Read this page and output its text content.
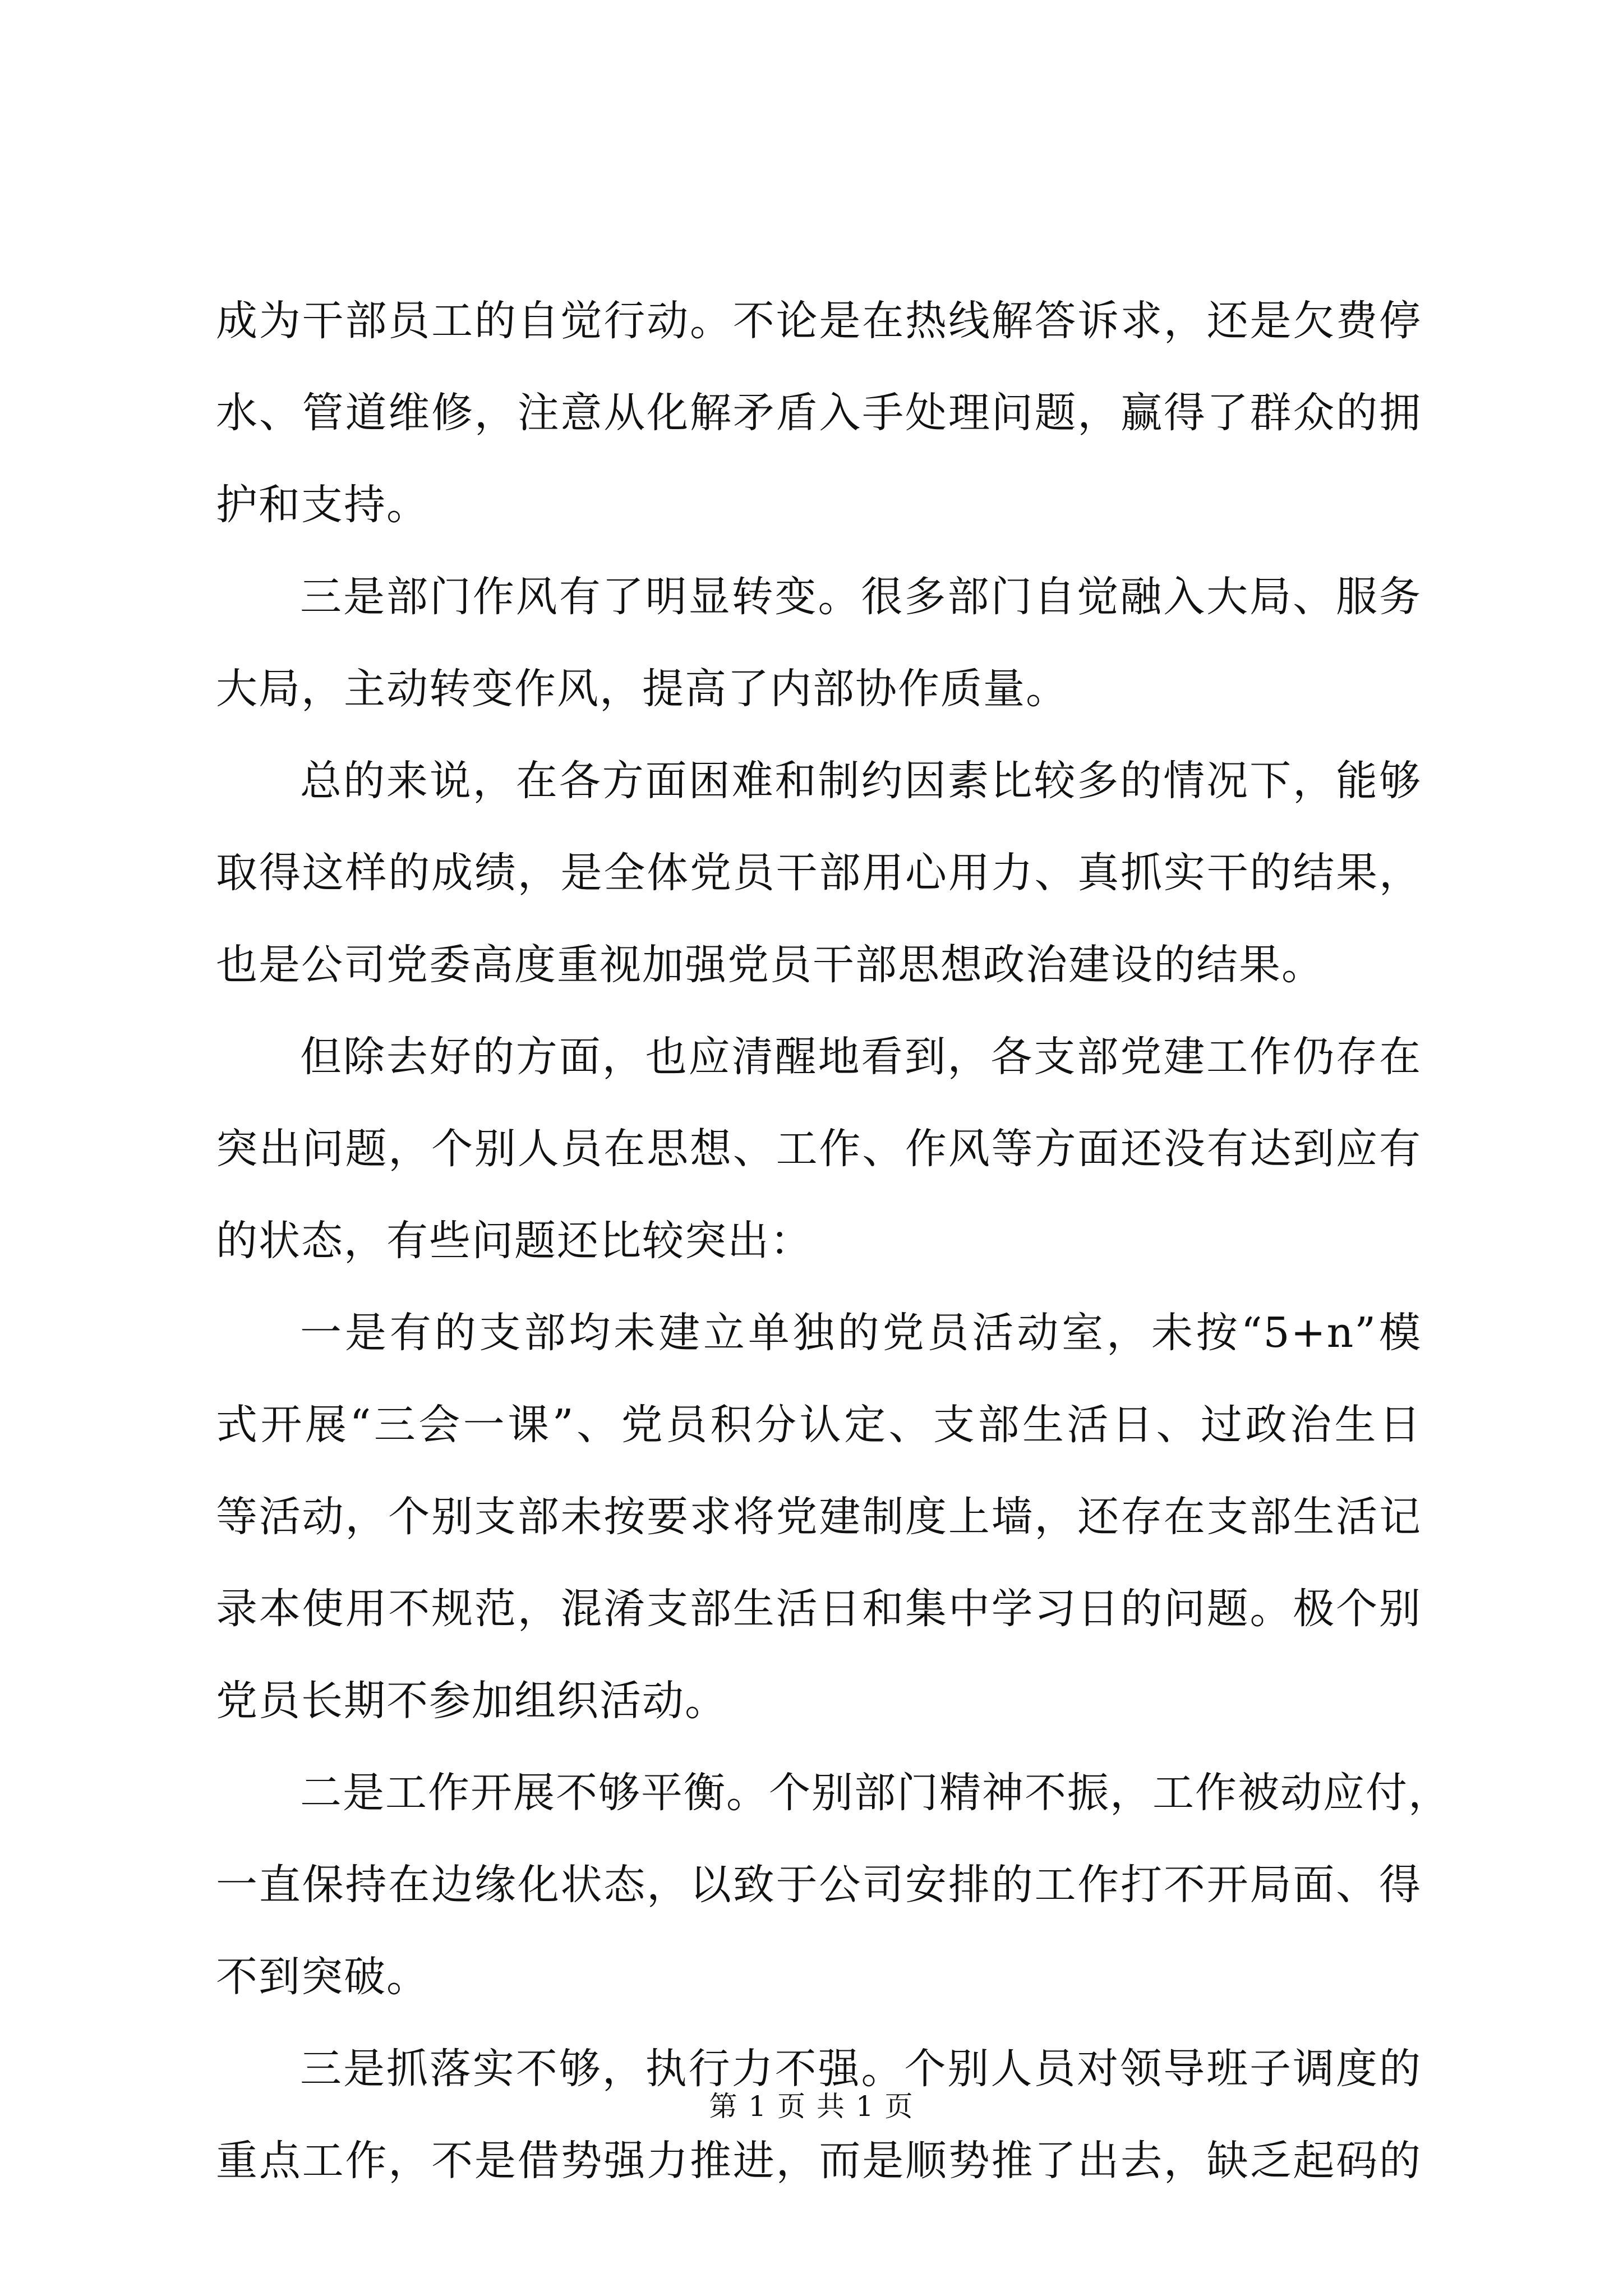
成为干部员工的自觉行动。不论是在热线解答诉求，还是欠费停
水、管道维修，注意从化解矛盾入手处理问题，赢得了群众的拥
护和支持。
三是部门作风有了明显转变。很多部门自觉融入大局、服务
大局，主动转变作风，提高了内部协作质量。
总的来说，在各方面困难和制约因素比较多的情况下，能够
取得这样的成绩，是全体党员干部用心用力、真抓实干的结果，
也是公司党委高度重视加强党员干部思想政治建设的结果。
但除去好的方面，也应清醒地看到，各支部党建工作仍存在
突出问题，个别人员在思想、工作、作风等方面还没有达到应有
的状态，有些问题还比较突出：
一是有的支部均未建立单独的党员活动室，未按“5+n”模
式开展“三会一课”、党员积分认定、支部生活日、过政治生日
等活动，个别支部未按要求将党建制度上墙，还存在支部生活记
录本使用不规范，混淆支部生活日和集中学习日的问题。极个别
党员长期不参加组织活动。
二是工作开展不够平衡。个别部门精神不振，工作被动应付，
一直保持在边缘化状态，以致于公司安排的工作打不开局面、得
不到突破。
三是抓落实不够，执行力不强。个别人员对领导班子调度的
重点工作，不是借势强力推进，而是顺势推了出去，缺乏起码的
第 1 页 共 1 页
